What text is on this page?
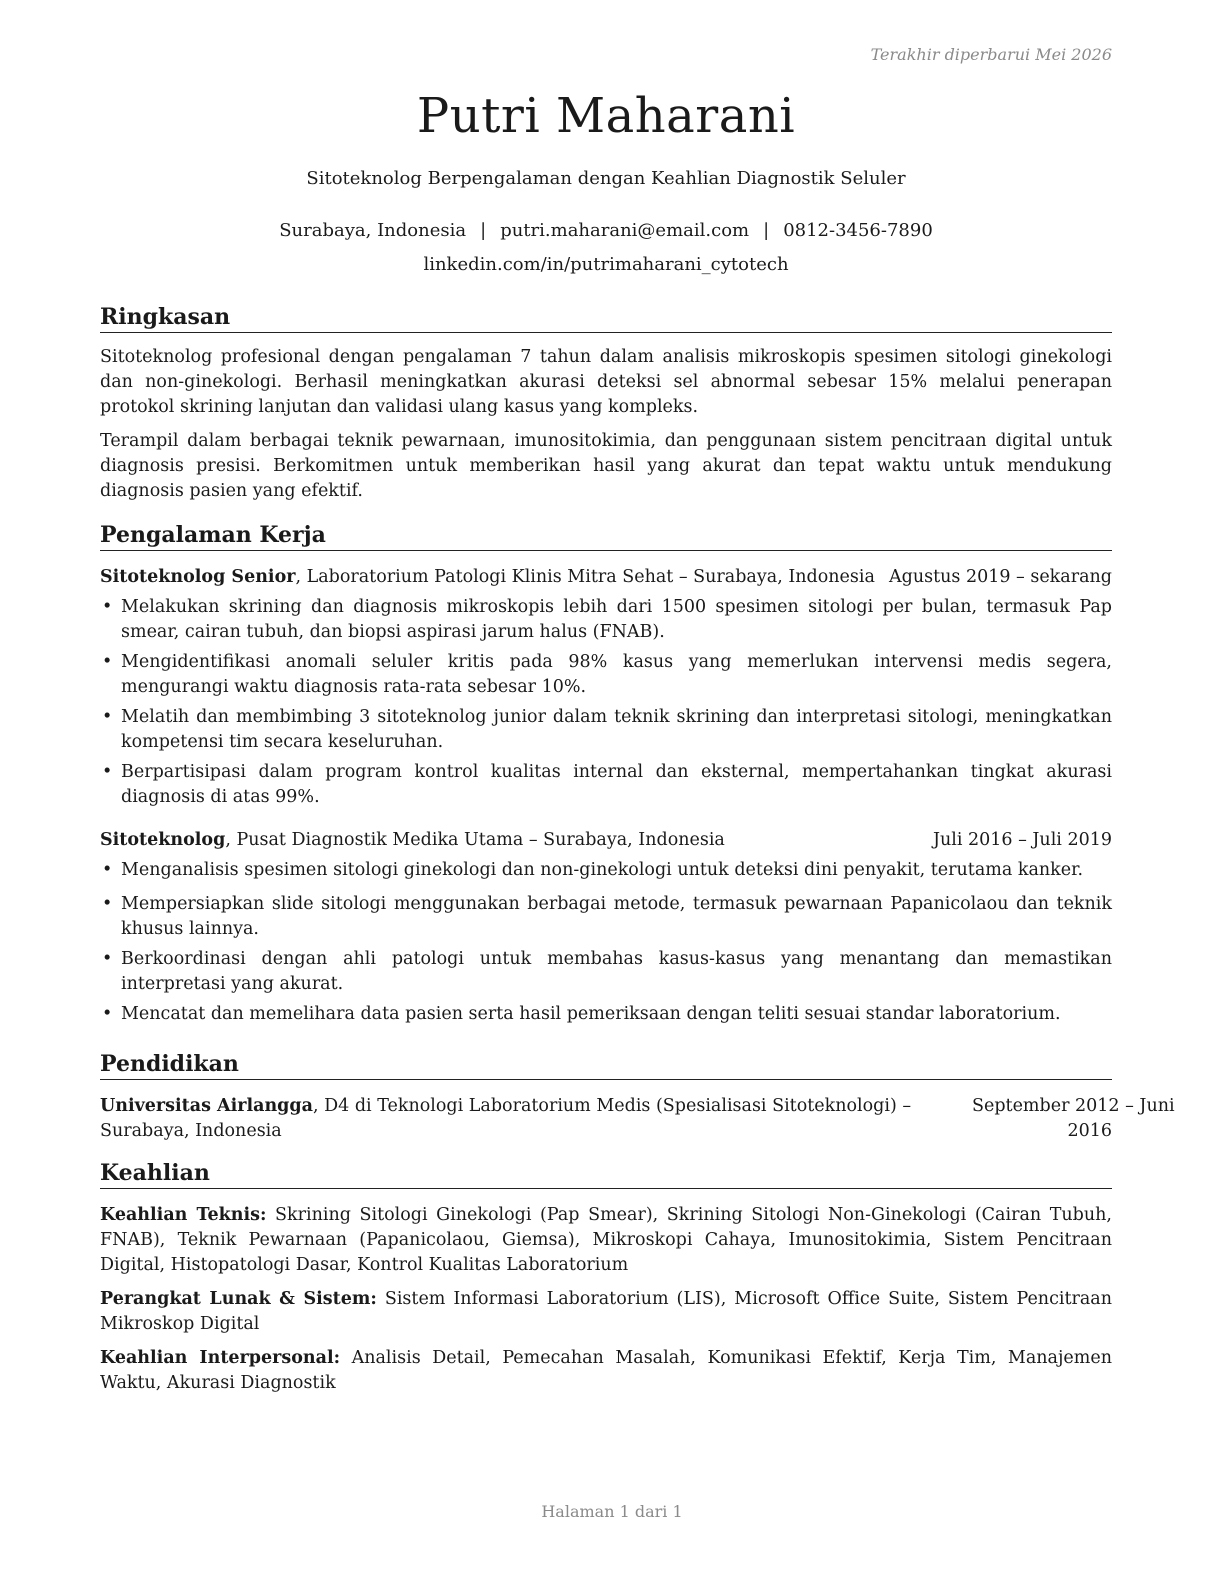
Terakhir diperbarui Mei 2026
Putri Maharani
Sitoteknolog Berpengalaman dengan Keahlian Diagnostik Seluler
Surabaya, Indonesia | putri.maharani@email.com | 0812-3456-7890
linkedin.com/in/putrimaharani_cytotech
Ringkasan

Sitoteknolog profesional dengan pengalaman 7 tahun dalam analisis mikroskopis spesimen sitologi ginekologi dan non-ginekologi. Berhasil meningkatkan akurasi deteksi sel abnormal sebesar 15% melalui penerapan protokol skrining lanjutan dan validasi ulang kasus yang kompleks.

Terampil dalam berbagai teknik pewarnaan, imunositokimia, dan penggunaan sistem pencitraan digital untuk diagnosis presisi. Berkomitmen untuk memberikan hasil yang akurat dan tepat waktu untuk mendukung diagnosis pasien yang efektif.

Pengalaman Kerja
Sitoteknolog Senior, Laboratorium Patologi Klinis Mitra Sehat – Surabaya, Indonesia Agustus 2019 – sekarang
• Melakukan skrining dan diagnosis mikroskopis lebih dari 1500 spesimen sitologi per bulan, termasuk Pap smear, cairan tubuh, dan biopsi aspirasi jarum halus (FNAB).
• Mengidentifikasi anomali seluler kritis pada 98% kasus yang memerlukan intervensi medis segera, mengurangi waktu diagnosis rata-rata sebesar 10%.
• Melatih dan membimbing 3 sitoteknolog junior dalam teknik skrining dan interpretasi sitologi, meningkatkan kompetensi tim secara keseluruhan.
• Berpartisipasi dalam program kontrol kualitas internal dan eksternal, mempertahankan tingkat akurasi diagnosis di atas 99%.
Sitoteknolog, Pusat Diagnostik Medika Utama – Surabaya, Indonesia	Juli 2016 – Juli 2019
• Menganalisis spesimen sitologi ginekologi dan non-ginekologi untuk deteksi dini penyakit, terutama kanker.
• Mempersiapkan slide sitologi menggunakan berbagai metode, termasuk pewarnaan Papanicolaou dan teknik khusus lainnya.
• Berkoordinasi dengan ahli patologi untuk membahas kasus-kasus yang menantang dan memastikan interpretasi yang akurat.
• Mencatat dan memelihara data pasien serta hasil pemeriksaan dengan teliti sesuai standar laboratorium.
Pendidikan
Universitas Airlangga, D4 di Teknologi Laboratorium Medis (Spesialisasi Sitoteknologi) –
Surabaya, Indonesia
September 2012 – Juni
2016
Keahlian

Keahlian Teknis: Skrining Sitologi Ginekologi (Pap Smear), Skrining Sitologi Non-Ginekologi (Cairan Tubuh, FNAB), Teknik Pewarnaan (Papanicolaou, Giemsa), Mikroskopi Cahaya, Imunositokimia, Sistem Pencitraan Digital, Histopatologi Dasar, Kontrol Kualitas Laboratorium

Perangkat Lunak & Sistem: Sistem Informasi Laboratorium (LIS), Microsoft Office Suite, Sistem Pencitraan Mikroskop Digital

Keahlian Interpersonal: Analisis Detail, Pemecahan Masalah, Komunikasi Efektif, Kerja Tim, Manajemen Waktu, Akurasi Diagnostik

Halaman 1 dari 1
